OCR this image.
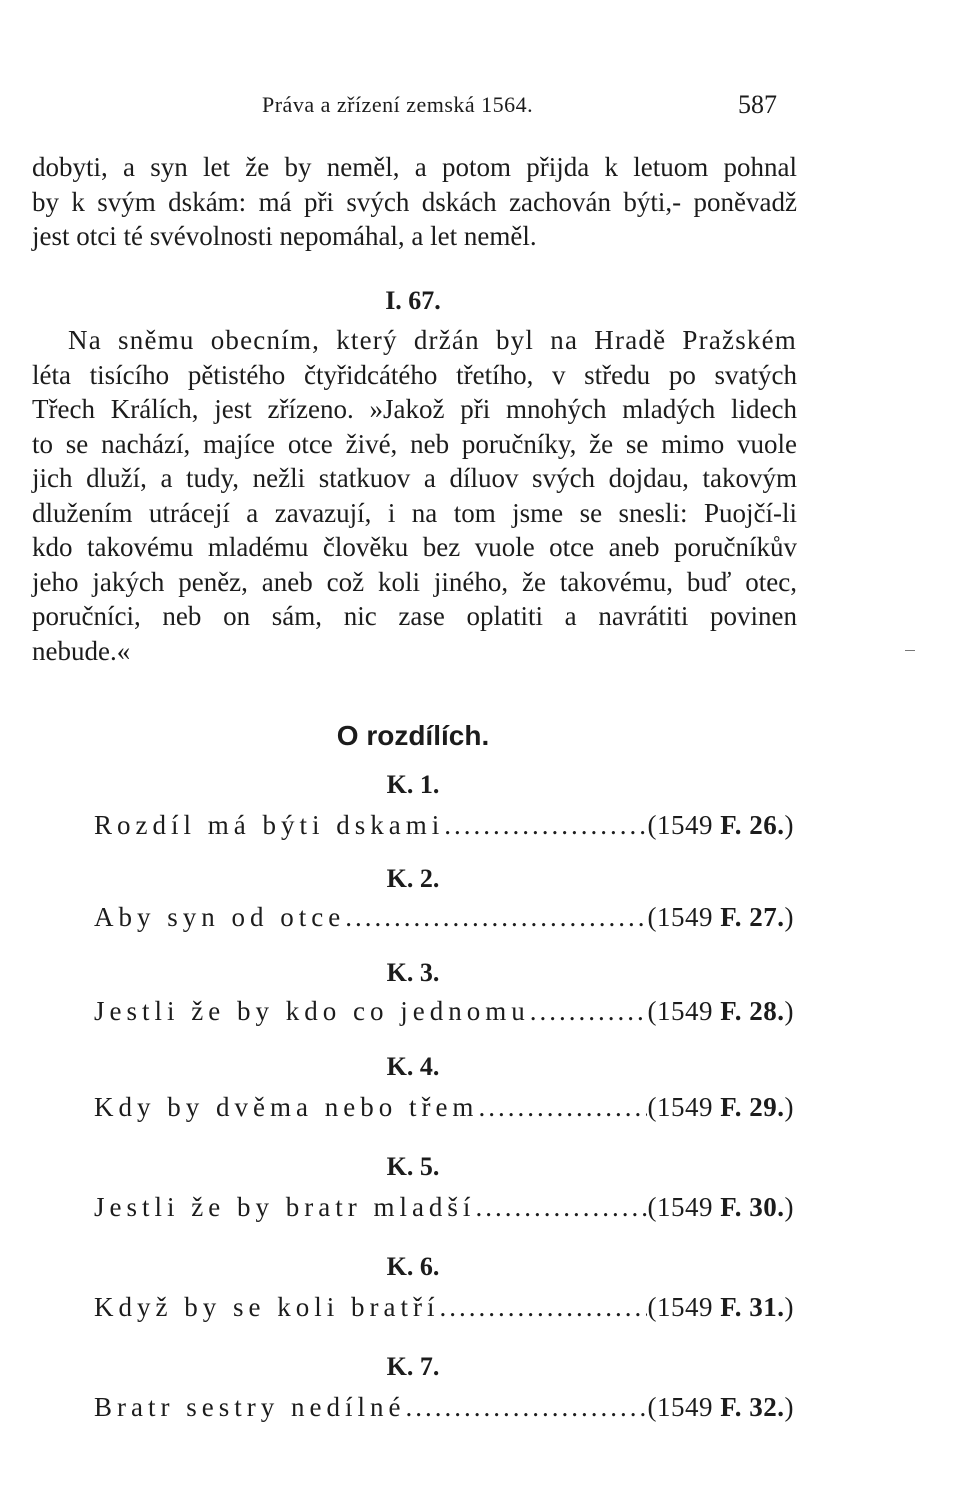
Práva a zřízení zemská 1564.	587

dobyti, a syn let že by neměl, a potom přijda k letuom pohnal
by k svým dskám: má při svých dskách zachován býti,- poněvadž
jest otci té svévolnosti nepomáhal, a let neměl.

I. 67.

Na sněmu obecním, který držán byl na Hradě Pražském
léta tisícího pětistého čtyřidcátého třetího, v středu po svatých
Třech Králích, jest zřízeno. »Jakož při mnohých mladých lidech
to se nachází, majíce otce živé, neb poručníky, že se mimo vuole
jich dluží, a tudy, nežli statkuov a díluov svých dojdau, takovým
dlužením utrácejí a zavazují, i na tom jsme se snesli: Puojčí-li
kdo takovému mladému člověku bez vuole otce aneb poručníkův
jeho jakých peněz, aneb což koli jiného, že takovému, buď otec,
poručníci, neb on sám, nic zase oplatiti a navrátiti povinen
nebude.«

O rozdílích.
K. 1.
Rozdíl má býti dskami .....	(1549 F. 26.)
K. 2.
Aby syn od otce .....	(1549 F. 27.)
K. 3.
Jestli že by kdo co jednomu .....	(1549 F. 28.)
K. 4.
Kdy by dvěma nebo třem .....	(1549 F. 29.)
K. 5.
Jestli že by bratr mladší .....	(1549 F. 30.)
K. 6.
Když by se koli bratří .....	(1549 F. 31.)
K. 7.
Bratr sestry nedílné .....	(1549 F. 32.)
